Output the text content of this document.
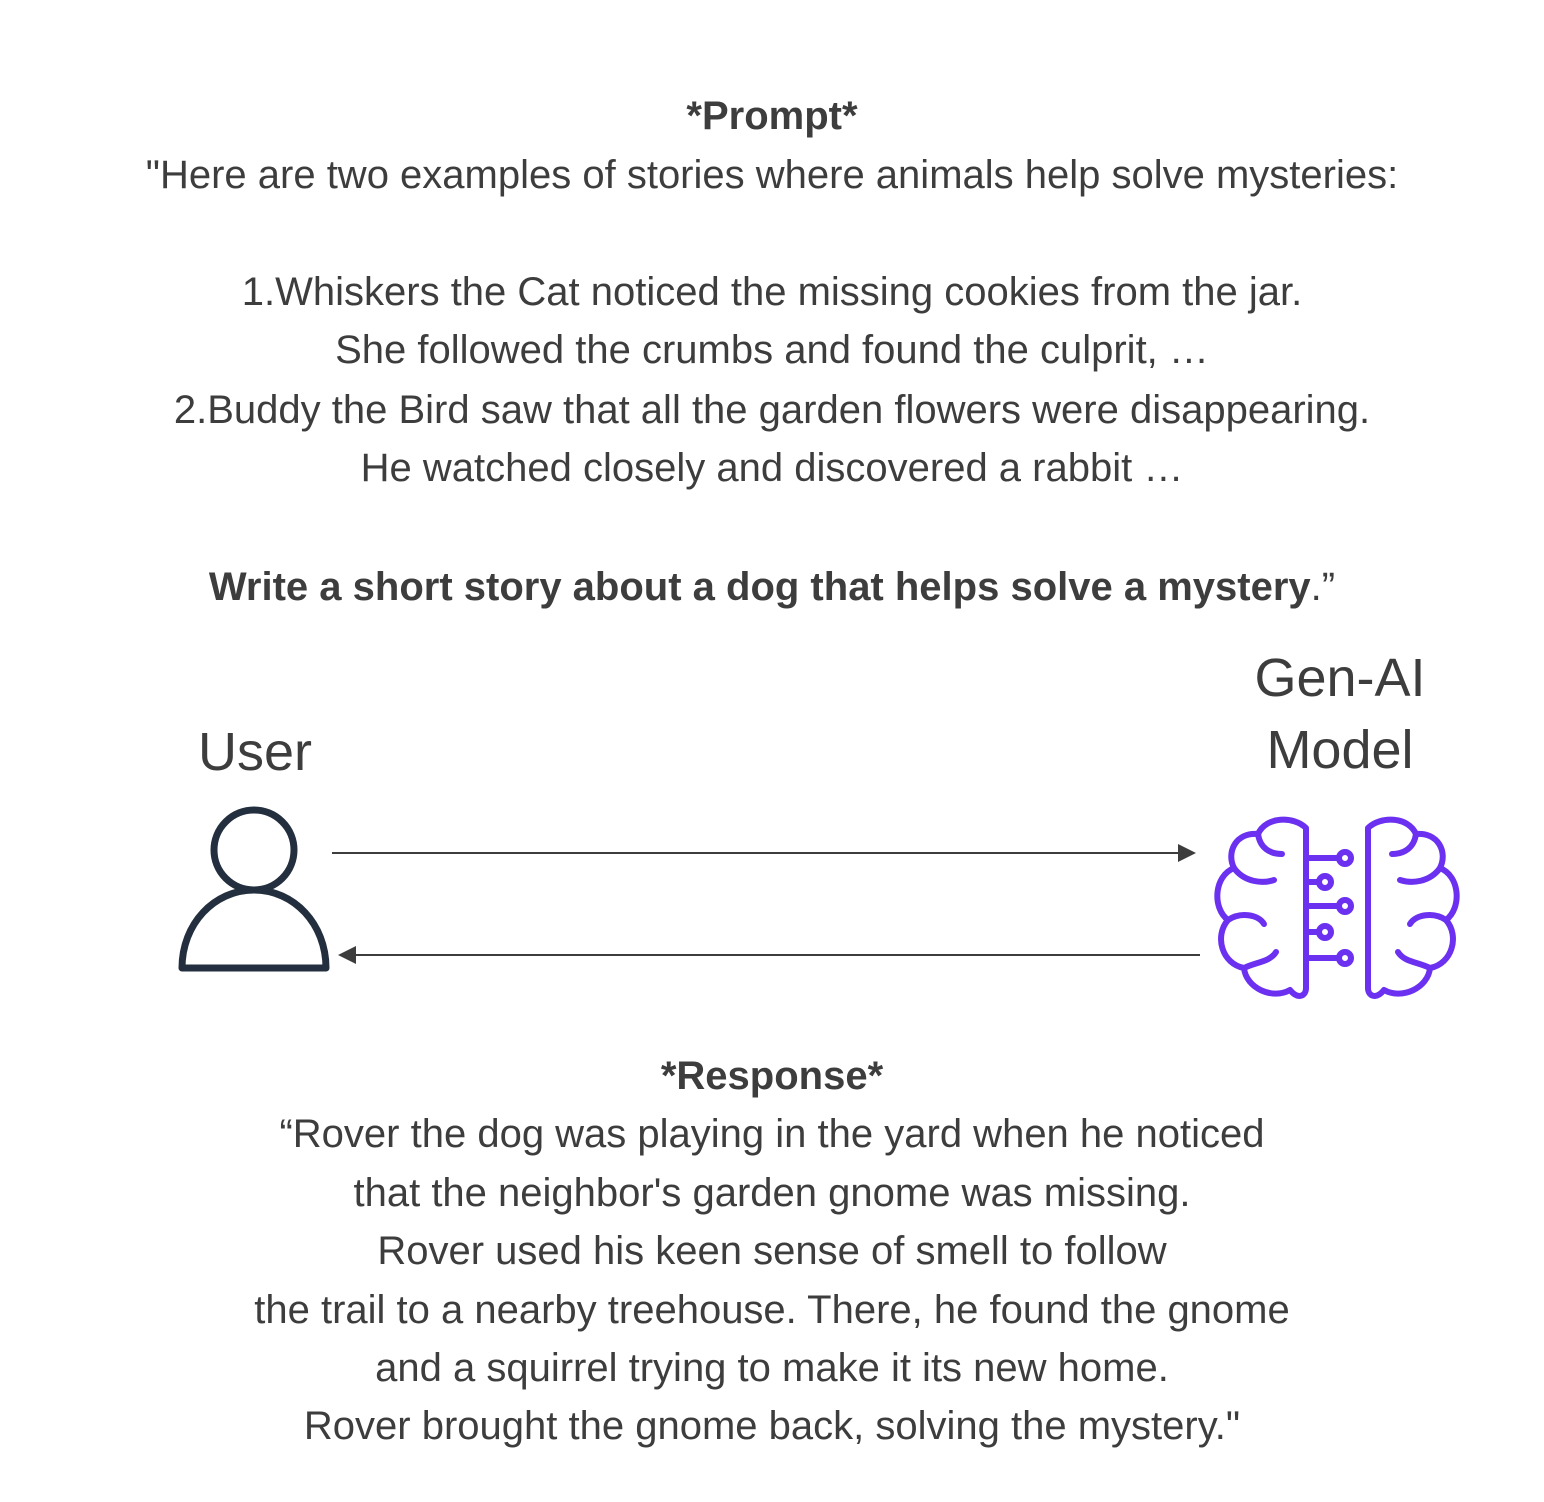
*Prompt*
"Here are two examples of stories where animals help solve mysteries:
1.Whiskers the Cat noticed the missing cookies from the jar.
She followed the crumbs and found the culprit, …
2.Buddy the Bird saw that all the garden flowers were disappearing.
He watched closely and discovered a rabbit …
Write a short story about a dog that helps solve a mystery.”
User
Gen-AI
Model
*Response*
“Rover the dog was playing in the yard when he noticed
that the neighbor's garden gnome was missing.
Rover used his keen sense of smell to follow
the trail to a nearby treehouse. There, he found the gnome
and a squirrel trying to make it its new home.
Rover brought the gnome back, solving the mystery."
